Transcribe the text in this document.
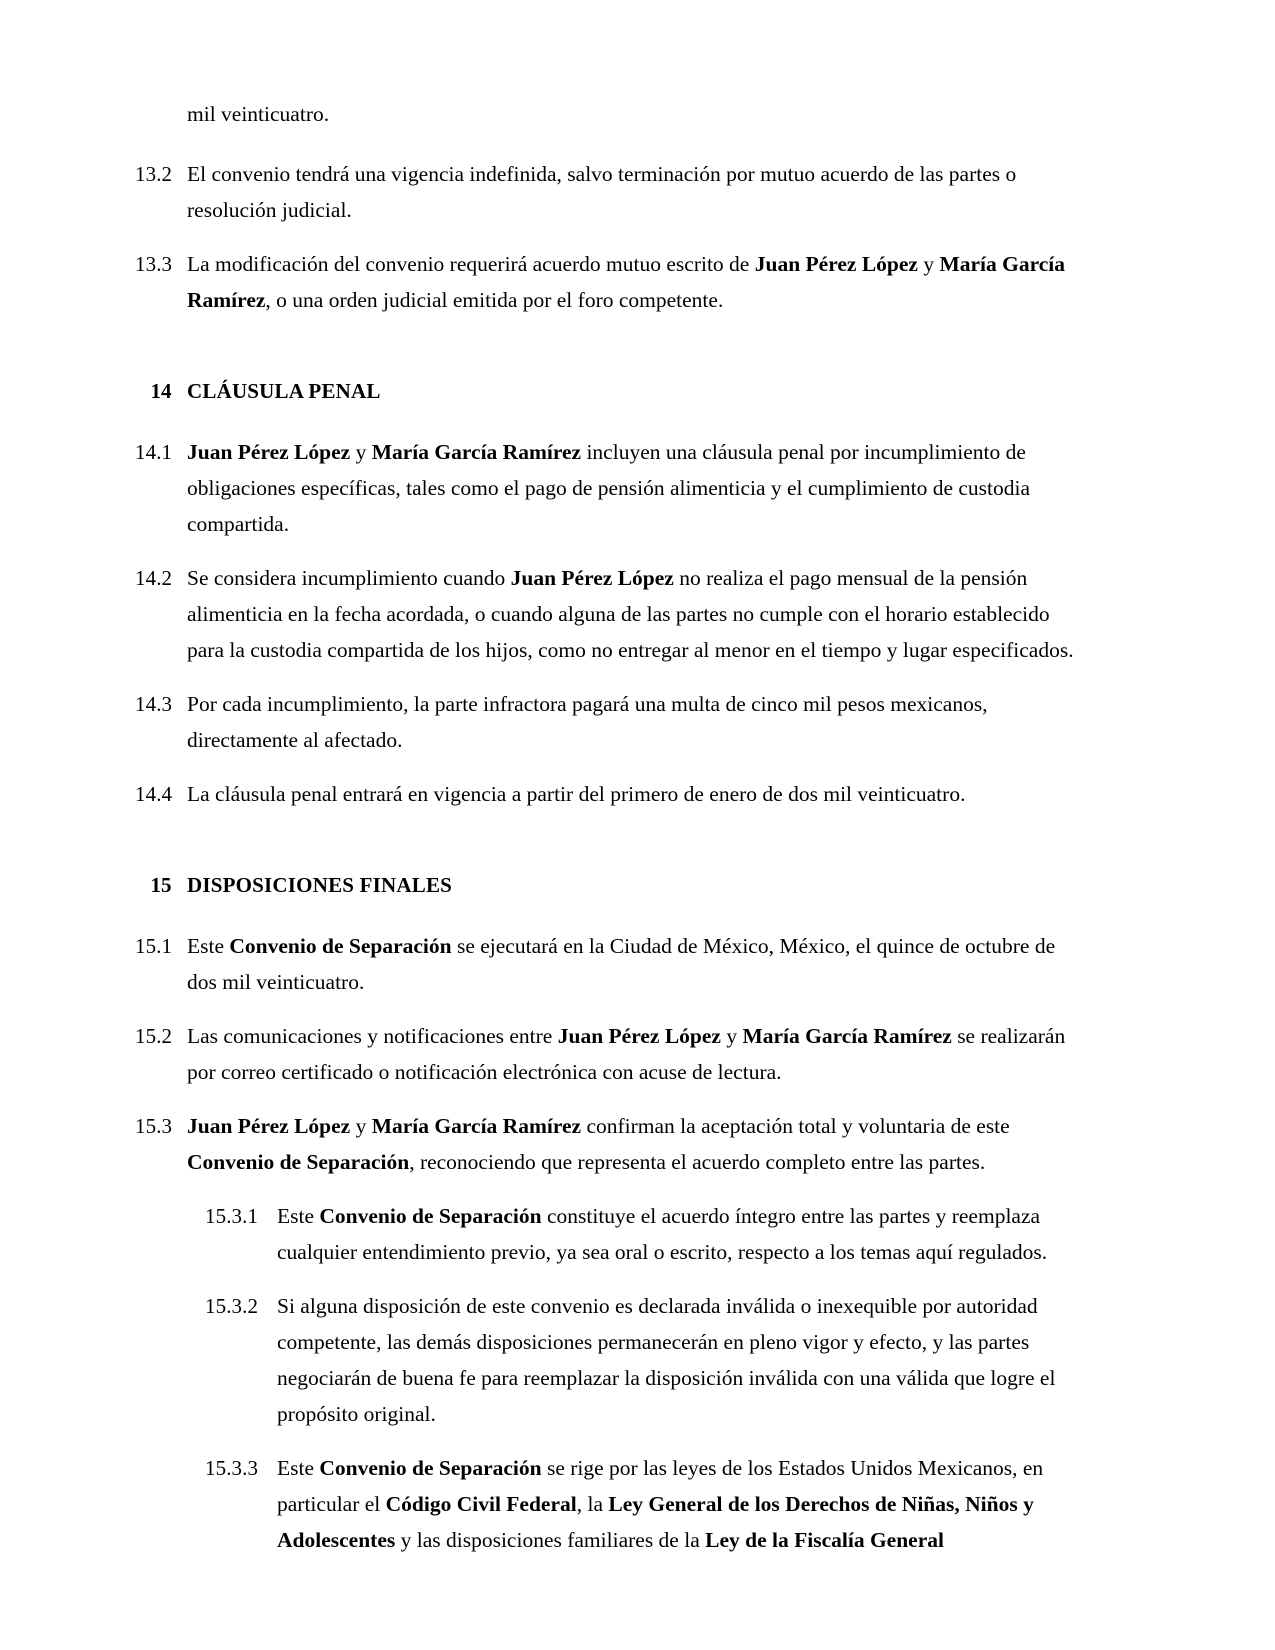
mil veinticuatro.
13.2 El convenio tendrá una vigencia indefinida, salvo terminación por mutuo acuerdo de las partes o resolución judicial.
13.3 La modificación del convenio requerirá acuerdo mutuo escrito de Juan Pérez López y María García Ramírez, o una orden judicial emitida por el foro competente.
14 CLÁUSULA PENAL
14.1 Juan Pérez López y María García Ramírez incluyen una cláusula penal por incumplimiento de obligaciones específicas, tales como el pago de pensión alimenticia y el cumplimiento de custodia compartida.
14.2 Se considera incumplimiento cuando Juan Pérez López no realiza el pago mensual de la pensión alimenticia en la fecha acordada, o cuando alguna de las partes no cumple con el horario establecido para la custodia compartida de los hijos, como no entregar al menor en el tiempo y lugar especificados.
14.3 Por cada incumplimiento, la parte infractora pagará una multa de cinco mil pesos mexicanos, directamente al afectado.
14.4 La cláusula penal entrará en vigencia a partir del primero de enero de dos mil veinticuatro.
15 DISPOSICIONES FINALES
15.1 Este Convenio de Separación se ejecutará en la Ciudad de México, México, el quince de octubre de dos mil veinticuatro.
15.2 Las comunicaciones y notificaciones entre Juan Pérez López y María García Ramírez se realizarán por correo certificado o notificación electrónica con acuse de lectura.
15.3 Juan Pérez López y María García Ramírez confirman la aceptación total y voluntaria de este Convenio de Separación, reconociendo que representa el acuerdo completo entre las partes.
15.3.1 Este Convenio de Separación constituye el acuerdo íntegro entre las partes y reemplaza cualquier entendimiento previo, ya sea oral o escrito, respecto a los temas aquí regulados.
15.3.2 Si alguna disposición de este convenio es declarada inválida o inexequible por autoridad competente, las demás disposiciones permanecerán en pleno vigor y efecto, y las partes negociarán de buena fe para reemplazar la disposición inválida con una válida que logre el propósito original.
15.3.3 Este Convenio de Separación se rige por las leyes de los Estados Unidos Mexicanos, en particular el Código Civil Federal, la Ley General de los Derechos de Niñas, Niños y Adolescentes y las disposiciones familiares de la Ley de la Fiscalía General
